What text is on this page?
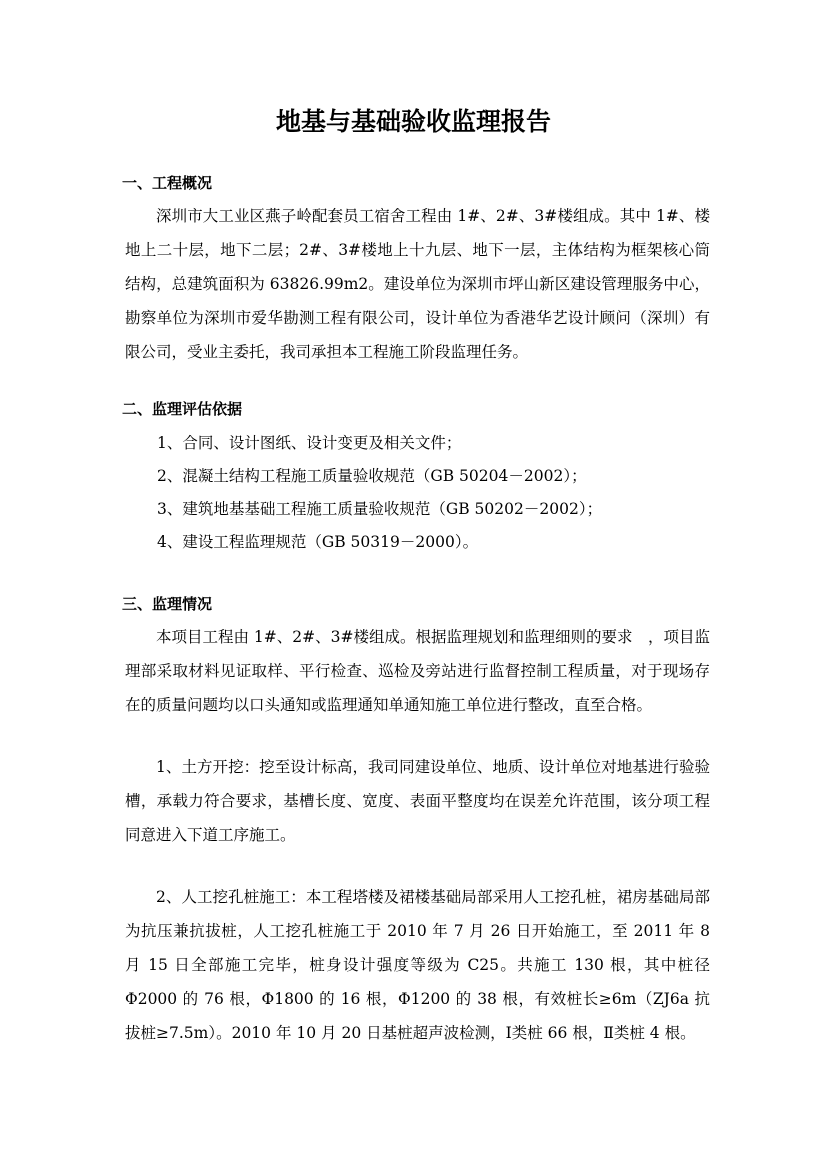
地基与基础验收监理报告
一、工程概况

深圳市大工业区燕子岭配套员工宿舍工程由 1#、2#、3#楼组成。其中 1#、楼地上二十层，地下二层；2#、3#楼地上十九层、地下一层，主体结构为框架核心筒结构，总建筑面积为 63826.99m2。建设单位为深圳市坪山新区建设管理服务中心，勘察单位为深圳市爱华勘测工程有限公司，设计单位为香港华艺设计顾问（深圳）有限公司，受业主委托，我司承担本工程施工阶段监理任务。

二、监理评估依据
1、合同、设计图纸、设计变更及相关文件；
2、混凝土结构工程施工质量验收规范（GB 50204－2002）；
3、建筑地基基础工程施工质量验收规范（GB 50202－2002）；
4、建设工程监理规范（GB 50319－2000）。
三、监理情况

本项目工程由 1#、2#、3#楼组成。根据监理规划和监理细则的要求　，项目监理部采取材料见证取样、平行检查、巡检及旁站进行监督控制工程质量，对于现场存在的质量问题均以口头通知或监理通知单通知施工单位进行整改，直至合格。

1、土方开挖：挖至设计标高，我司同建设单位、地质、设计单位对地基进行验验槽，承载力符合要求，基槽长度、宽度、表面平整度均在误差允许范围，该分项工程同意进入下道工序施工。

2、人工挖孔桩施工：本工程塔楼及裙楼基础局部采用人工挖孔桩，裙房基础局部为抗压兼抗拔桩，人工挖孔桩施工于 2010 年 7 月 26 日开始施工，至 2011 年 8 月 15 日全部施工完毕，桩身设计强度等级为 C25。共施工 130 根，其中桩径Φ2000 的 76 根，Φ1800 的 16 根，Φ1200 的 38 根，有效桩长≥6m（ZJ6a 抗拔桩≥7.5m）。2010 年 10 月 20 日基桩超声波检测，Ⅰ类桩 66 根，Ⅱ类桩 4 根。
